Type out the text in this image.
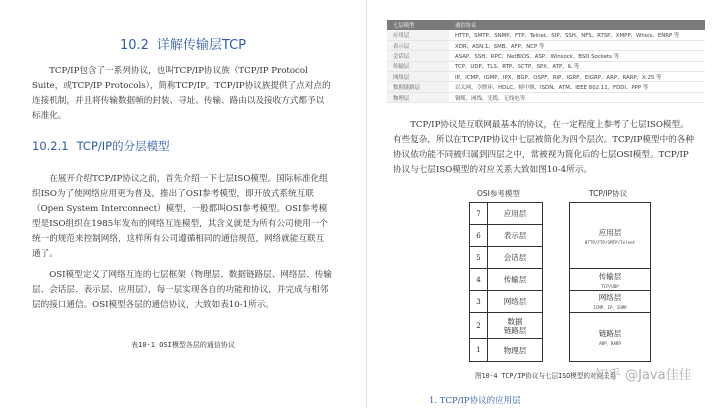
10.2 详解传输层TCP

TCP/IP包含了一系列协议，也叫TCP/IP协议族（TCP/IP Protocol Suite，或TCP/IP Protocols），简称TCP/IP。TCP/IP协议族提供了点对点的连接机制，并且将传输数据帧的封装、寻址、传输、路由以及接收方式都予以标准化。

10.2.1 TCP/IP的分层模型

在展开介绍TCP/IP协议之前，首先介绍一下七层ISO模型。国际标准化组织ISO为了使网络应用更为普及，推出了OSI参考模型，即开放式系统互联（Open System Interconnect）模型，一般都叫OSI参考模型。OSI参考模型是ISO组织在1985年发布的网络互连模型，其含义就是为所有公司使用一个统一的规范来控制网络，这样所有公司遵循相同的通信规范，网络就能互联互通了。

OSI模型定义了网络互连的七层框架（物理层、数据链路层、网络层、传输层、会话层、表示层、应用层），每一层实现各自的功能和协议，并完成与相邻层的接口通信。OSI模型各层的通信协议，大致如表10-1所示。

表10-1 OSI模型各层的通信协议
七层模型	通信协议
应用层	HTTP、SMTP、SNMP、FTP、Telnet、SIP、SSH、NFS、RTSP、XMPP、Whois、ENRP 等
表示层	XDR、ASN.1、SMB、AFP、NCP 等
会话层	ASAP、SSH、RPC、NetBIOS、ASP、Winsock、BSD Sockets 等
传输层	TCP、UDP、TLS、RTP、SCTP、SPX、ATP、IL 等
网络层	IP、ICMP、IGMP、IPX、BGP、OSPF、RIP、IGRP、EIGRP、ARP、RARP、X.25 等
数据链路层	以太网、令牌环、HDLC、帧中继、ISDN、ATM、IEEE 802.11、FDDI、PPP 等
物理层	铜缆、网线、光缆、无线电等

TCP/IP协议是互联网最基本的协议，在一定程度上参考了七层ISO模型。有些复杂，所以在TCP/IP协议中七层被简化为四个层次。TCP/IP模型中的各种协议依功能不同被归属到四层之中，常被视为简化后的七层OSI模型。TCP/IP协议与七层ISO模型的对应关系大致如图10-4所示。

OSI参考模型	TCP/IP协议
7	应用层
6	表示层
5	会话层
4	传输层
3	网络层
2	数据
链路层
1	物理层
应用层
HTTP/FTP/SMTP/Telnet
传输层
TCP/UDP
网络层
ICMP、IP、IGMP
链路层
ARP、RARP
图10-4 TCP/IP协议与七层ISO模型的对应关系
知乎 @Java佳佳
1. TCP/IP协议的应用层
